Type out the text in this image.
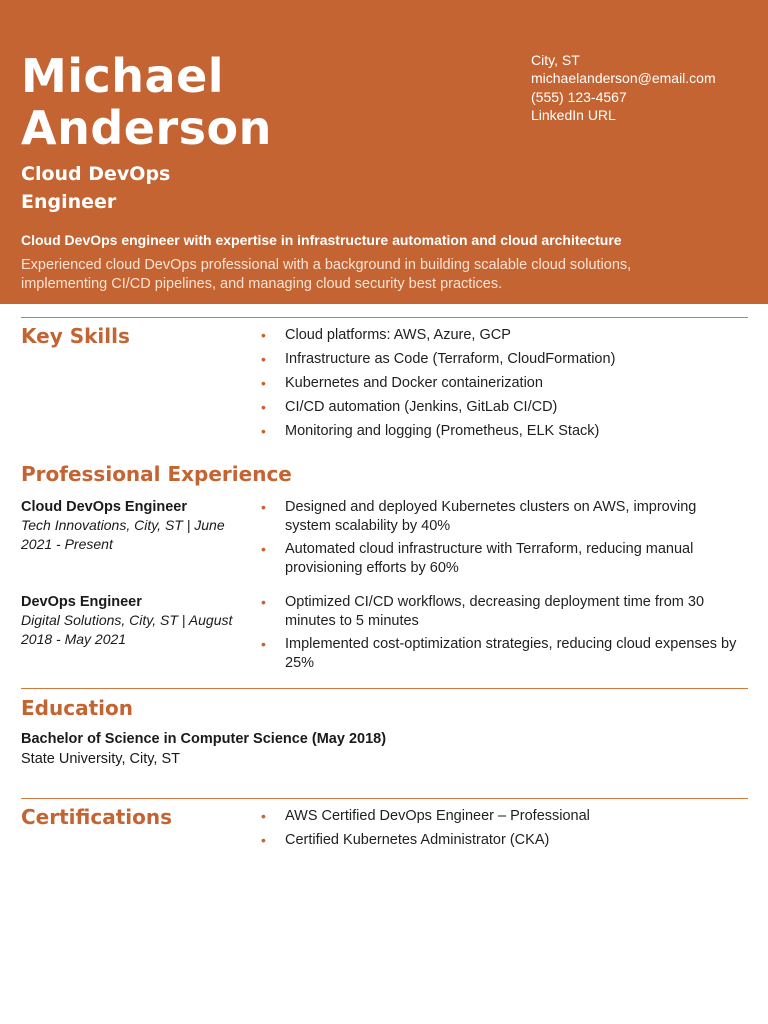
Michael
Anderson
Cloud DevOps
Engineer
City, ST
michaelanderson@email.com
(555) 123-4567
LinkedIn URL
Cloud DevOps engineer with expertise in infrastructure automation and cloud architecture
Experienced cloud DevOps professional with a background in building scalable cloud solutions, implementing CI/CD pipelines, and managing cloud security best practices.
Key Skills	• Cloud platforms: AWS, Azure, GCP
• Infrastructure as Code (Terraform, CloudFormation)
• Kubernetes and Docker containerization
• CI/CD automation (Jenkins, GitLab CI/CD)
• Monitoring and logging (Prometheus, ELK Stack)
Professional Experience
Cloud DevOps Engineer
Tech Innovations, City, ST | June 2021 - Present
• Designed and deployed Kubernetes clusters on AWS, improving system scalability by 40%
• Automated cloud infrastructure with Terraform, reducing manual provisioning efforts by 60%
DevOps Engineer
Digital Solutions, City, ST | August 2018 - May 2021
• Optimized CI/CD workflows, decreasing deployment time from 30 minutes to 5 minutes
• Implemented cost-optimization strategies, reducing cloud expenses by 25%
Education
Bachelor of Science in Computer Science (May 2018)
State University, City, ST
Certifications	• AWS Certified DevOps Engineer – Professional
• Certified Kubernetes Administrator (CKA)
